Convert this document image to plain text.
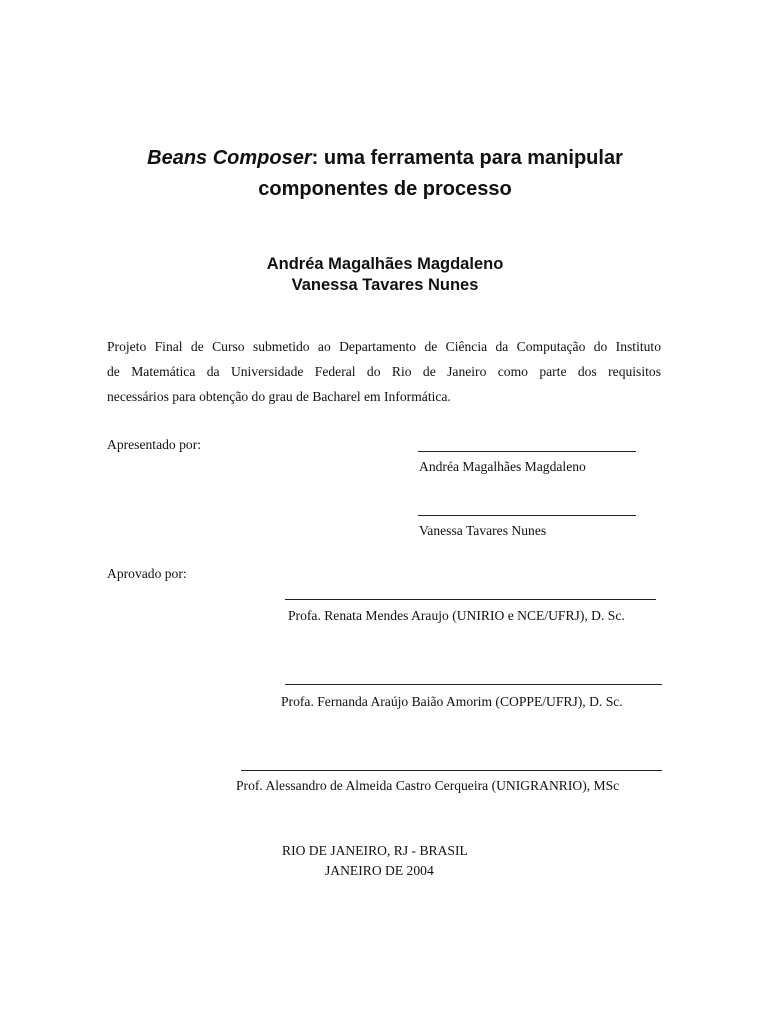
Beans Composer: uma ferramenta para manipular
componentes de processo
Andréa Magalhães Magdaleno
Vanessa Tavares Nunes
Projeto Final de Curso submetido ao Departamento de Ciência da Computação do Instituto
de Matemática da Universidade Federal do Rio de Janeiro como parte dos requisitos
necessários para obtenção do grau de Bacharel em Informática.
Apresentado por:
Andréa Magalhães Magdaleno
Vanessa Tavares Nunes
Aprovado por:
Profa. Renata Mendes Araujo (UNIRIO e NCE/UFRJ), D. Sc.
Profa. Fernanda Araújo Baião Amorim (COPPE/UFRJ), D. Sc.
Prof. Alessandro de Almeida Castro Cerqueira (UNIGRANRIO), MSc
RIO DE JANEIRO, RJ - BRASIL
JANEIRO DE 2004
